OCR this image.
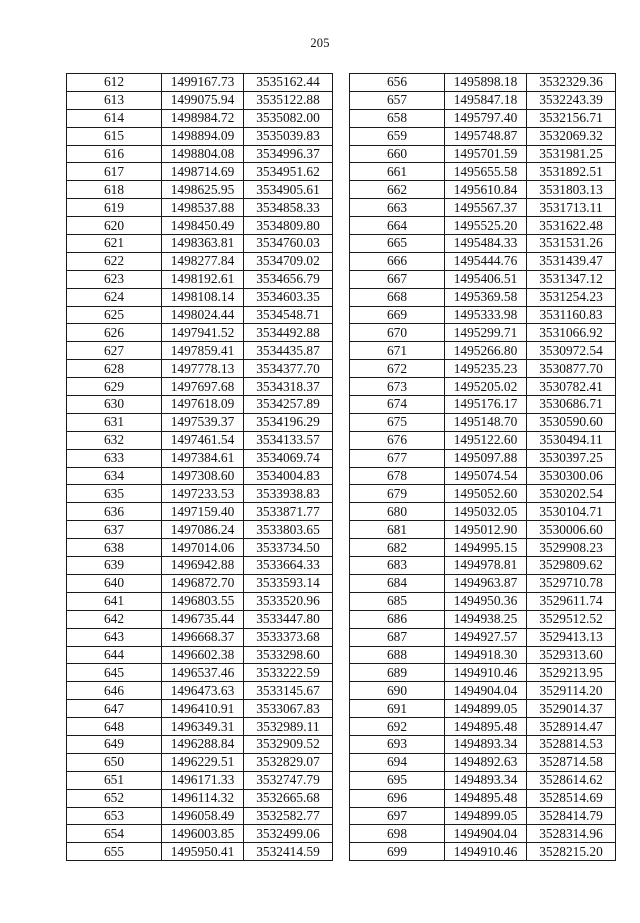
205
612	1499167.73	3535162.44
613	1499075.94	3535122.88
614	1498984.72	3535082.00
615	1498894.09	3535039.83
616	1498804.08	3534996.37
617	1498714.69	3534951.62
618	1498625.95	3534905.61
619	1498537.88	3534858.33
620	1498450.49	3534809.80
621	1498363.81	3534760.03
622	1498277.84	3534709.02
623	1498192.61	3534656.79
624	1498108.14	3534603.35
625	1498024.44	3534548.71
626	1497941.52	3534492.88
627	1497859.41	3534435.87
628	1497778.13	3534377.70
629	1497697.68	3534318.37
630	1497618.09	3534257.89
631	1497539.37	3534196.29
632	1497461.54	3534133.57
633	1497384.61	3534069.74
634	1497308.60	3534004.83
635	1497233.53	3533938.83
636	1497159.40	3533871.77
637	1497086.24	3533803.65
638	1497014.06	3533734.50
639	1496942.88	3533664.33
640	1496872.70	3533593.14
641	1496803.55	3533520.96
642	1496735.44	3533447.80
643	1496668.37	3533373.68
644	1496602.38	3533298.60
645	1496537.46	3533222.59
646	1496473.63	3533145.67
647	1496410.91	3533067.83
648	1496349.31	3532989.11
649	1496288.84	3532909.52
650	1496229.51	3532829.07
651	1496171.33	3532747.79
652	1496114.32	3532665.68
653	1496058.49	3532582.77
654	1496003.85	3532499.06
655	1495950.41	3532414.59
656	1495898.18	3532329.36
657	1495847.18	3532243.39
658	1495797.40	3532156.71
659	1495748.87	3532069.32
660	1495701.59	3531981.25
661	1495655.58	3531892.51
662	1495610.84	3531803.13
663	1495567.37	3531713.11
664	1495525.20	3531622.48
665	1495484.33	3531531.26
666	1495444.76	3531439.47
667	1495406.51	3531347.12
668	1495369.58	3531254.23
669	1495333.98	3531160.83
670	1495299.71	3531066.92
671	1495266.80	3530972.54
672	1495235.23	3530877.70
673	1495205.02	3530782.41
674	1495176.17	3530686.71
675	1495148.70	3530590.60
676	1495122.60	3530494.11
677	1495097.88	3530397.25
678	1495074.54	3530300.06
679	1495052.60	3530202.54
680	1495032.05	3530104.71
681	1495012.90	3530006.60
682	1494995.15	3529908.23
683	1494978.81	3529809.62
684	1494963.87	3529710.78
685	1494950.36	3529611.74
686	1494938.25	3529512.52
687	1494927.57	3529413.13
688	1494918.30	3529313.60
689	1494910.46	3529213.95
690	1494904.04	3529114.20
691	1494899.05	3529014.37
692	1494895.48	3528914.47
693	1494893.34	3528814.53
694	1494892.63	3528714.58
695	1494893.34	3528614.62
696	1494895.48	3528514.69
697	1494899.05	3528414.79
698	1494904.04	3528314.96
699	1494910.46	3528215.20
